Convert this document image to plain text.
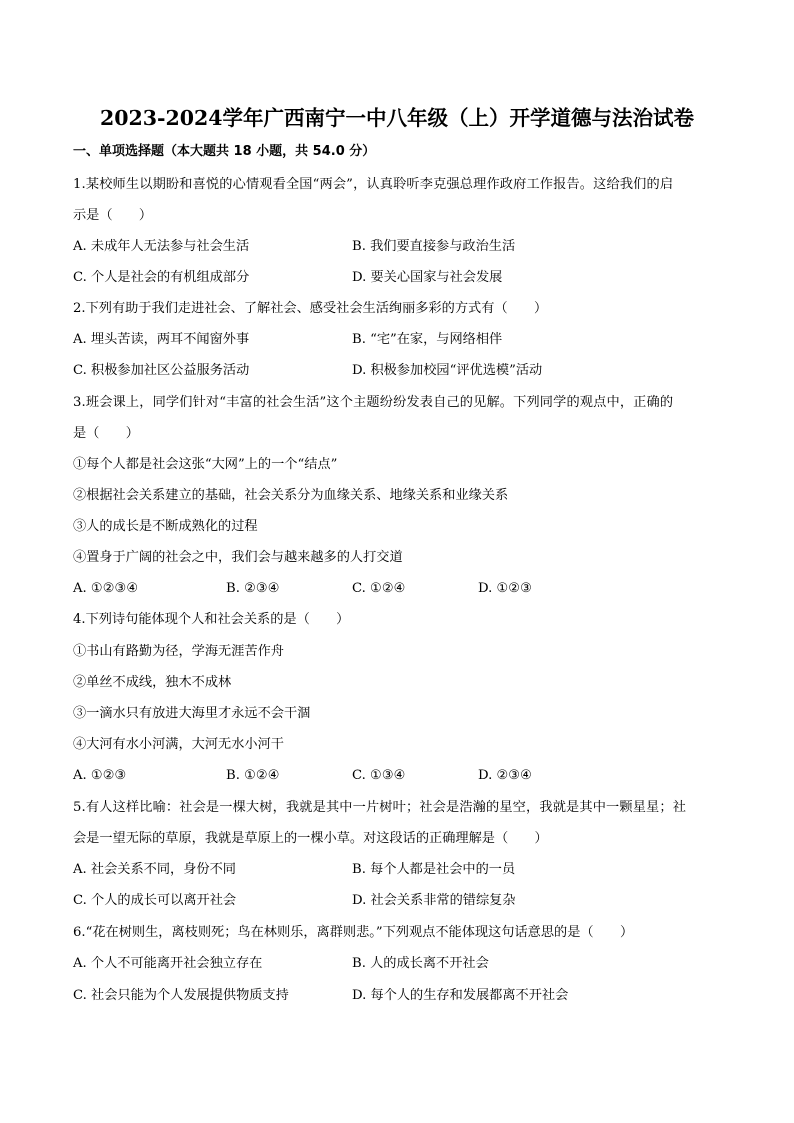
2023-2024学年广西南宁一中八年级（上）开学道德与法治试卷
一、单项选择题（本大题共 18 小题，共 54.0 分）
1.某校师生以期盼和喜悦的心情观看全国“两会”，认真聆听李克强总理作政府工作报告。这给我们的启
示是（　　）
A. 未成年人无法参与社会生活	B. 我们要直接参与政治生活
C. 个人是社会的有机组成部分	D. 要关心国家与社会发展
2.下列有助于我们走进社会、了解社会、感受社会生活绚丽多彩的方式有（　　）
A. 埋头苦读，两耳不闻窗外事	B. “宅”在家，与网络相伴
C. 积极参加社区公益服务活动	D. 积极参加校园“评优选模”活动
3.班会课上，同学们针对“丰富的社会生活”这个主题纷纷发表自己的见解。下列同学的观点中，正确的
是（　　）
①每个人都是社会这张“大网”上的一个“结点”
②根据社会关系建立的基础，社会关系分为血缘关系、地缘关系和业缘关系
③人的成长是不断成熟化的过程
④置身于广阔的社会之中，我们会与越来越多的人打交道
A. ①②③④	B. ②③④	C. ①②④	D. ①②③
4.下列诗句能体现个人和社会关系的是（　　）
①书山有路勤为径，学海无涯苦作舟
②单丝不成线，独木不成林
③一滴水只有放进大海里才永远不会干涸
④大河有水小河满，大河无水小河干
A. ①②③	B. ①②④	C. ①③④	D. ②③④
5.有人这样比喻：社会是一棵大树，我就是其中一片树叶；社会是浩瀚的星空，我就是其中一颗星星；社
会是一望无际的草原，我就是草原上的一棵小草。对这段话的正确理解是（　　）
A. 社会关系不同，身份不同	B. 每个人都是社会中的一员
C. 个人的成长可以离开社会	D. 社会关系非常的错综复杂
6.“花在树则生，离枝则死；鸟在林则乐，离群则悲。”下列观点不能体现这句话意思的是（　　）
A. 个人不可能离开社会独立存在	B. 人的成长离不开社会
C. 社会只能为个人发展提供物质支持	D. 每个人的生存和发展都离不开社会
